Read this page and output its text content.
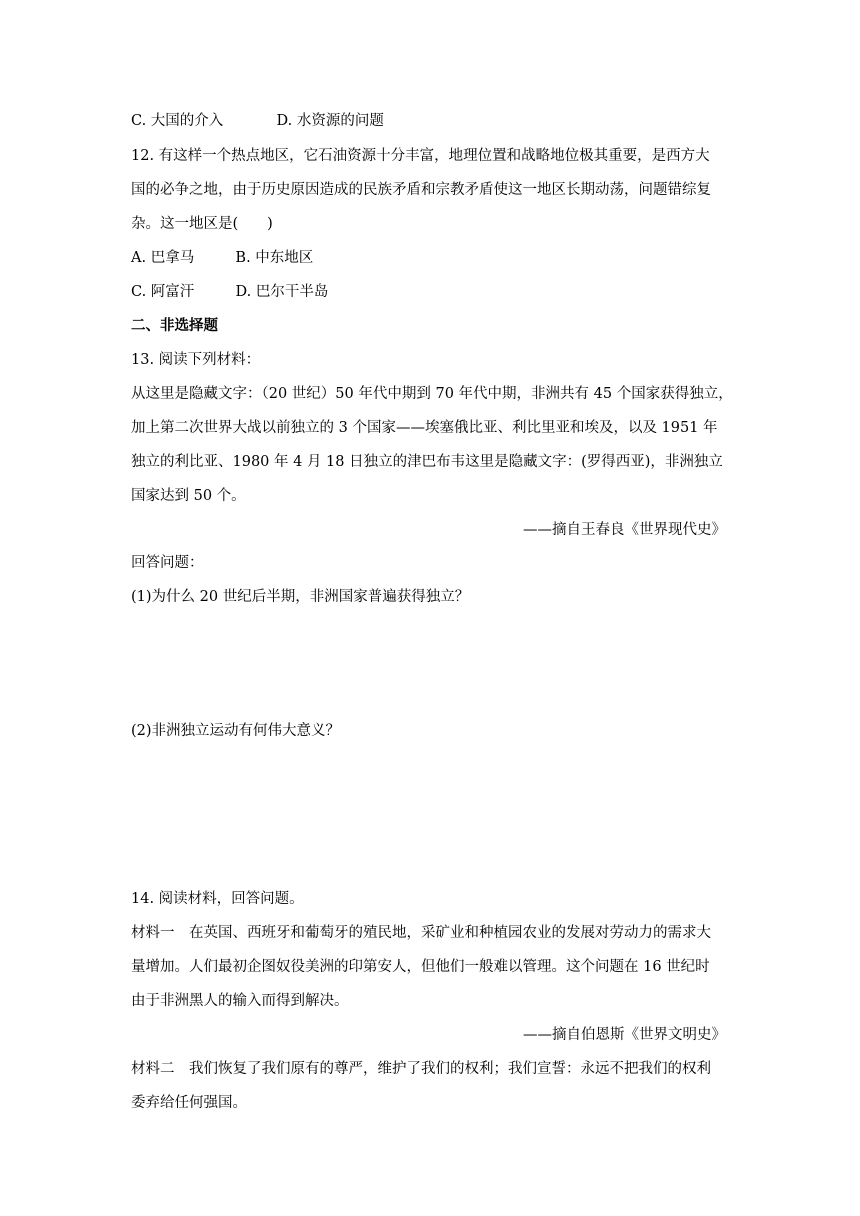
C. 大国的介入	D. 水资源的问题
12. 有这样一个热点地区，它石油资源十分丰富，地理位置和战略地位极其重要，是西方大
国的必争之地，由于历史原因造成的民族矛盾和宗教矛盾使这一地区长期动荡，问题错综复
杂。这一地区是(　　)
A. 巴拿马	B. 中东地区
C. 阿富汗	D. 巴尔干半岛
二、非选择题
13. 阅读下列材料：
从这里是隐藏文字：（20 世纪）50 年代中期到 70 年代中期，非洲共有 45 个国家获得独立，
加上第二次世界大战以前独立的 3 个国家——埃塞俄比亚、利比里亚和埃及，以及 1951 年
独立的利比亚、1980 年 4 月 18 日独立的津巴布韦这里是隐藏文字：(罗得西亚)，非洲独立
国家达到 50 个。
——摘自王春良《世界现代史》
回答问题：
(1)为什么 20 世纪后半期，非洲国家普遍获得独立？
(2)非洲独立运动有何伟大意义？
14. 阅读材料，回答问题。
材料一　在英国、西班牙和葡萄牙的殖民地，采矿业和种植园农业的发展对劳动力的需求大
量增加。人们最初企图奴役美洲的印第安人，但他们一般难以管理。这个问题在 16 世纪时
由于非洲黑人的输入而得到解决。
——摘自伯恩斯《世界文明史》
材料二　我们恢复了我们原有的尊严，维护了我们的权利；我们宣誓：永远不把我们的权利
委弃给任何强国。
